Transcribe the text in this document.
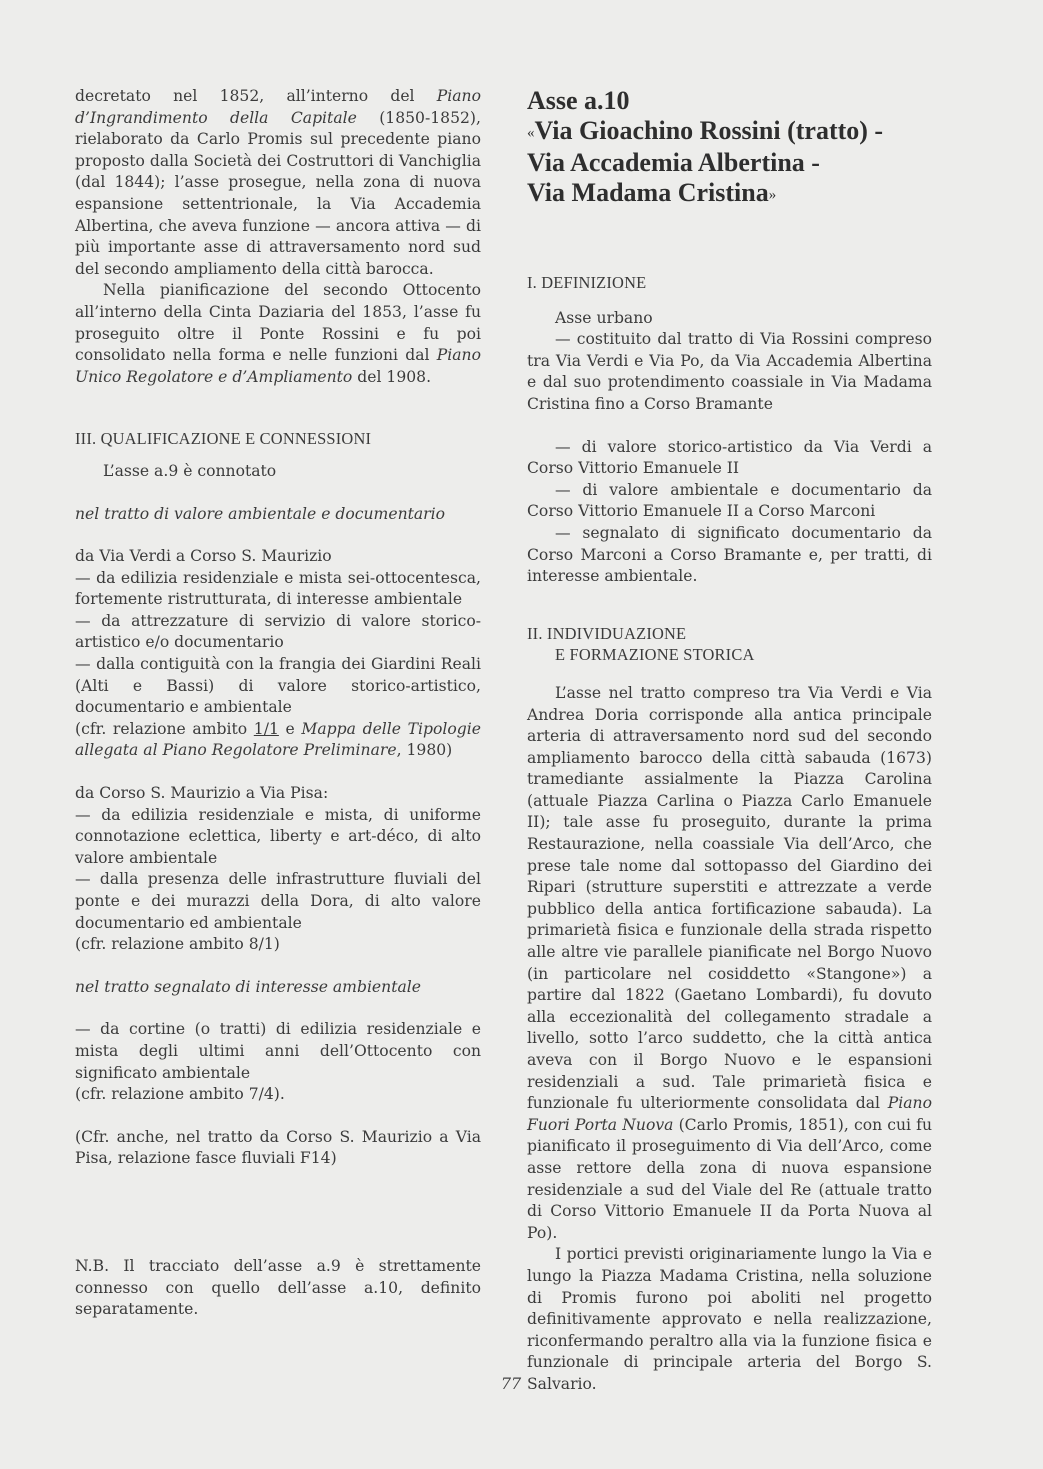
decretato nel 1852, all’interno del Piano d’Ingrandimento della Capitale (1850-1852), rielaborato da Carlo Promis sul precedente piano proposto dalla Società dei Costruttori di Vanchiglia (dal 1844); l’asse prosegue, nella zona di nuova espansione settentrionale, la Via Accademia Albertina, che aveva funzione — ancora attiva — di più importante asse di attraversamento nord sud del secondo ampliamento della città barocca.

Nella pianificazione del secondo Ottocento all’interno della Cinta Daziaria del 1853, l’asse fu proseguito oltre il Ponte Rossini e fu poi consolidato nella forma e nelle funzioni dal Piano Unico Regolatore e d’Ampliamento del 1908.

III. QUALIFICAZIONE E CONNESSIONI

L’asse a.9 è connotato

nel tratto di valore ambientale e documentario

da Via Verdi a Corso S. Maurizio

— da edilizia residenziale e mista sei-ottocentesca, fortemente ristrutturata, di interesse ambientale

— da attrezzature di servizio di valore storico-artistico e/o documentario

— dalla contiguità con la frangia dei Giardini Reali (Alti e Bassi) di valore storico-artistico, documentario e ambientale

(cfr. relazione ambito 1/1 e Mappa delle Tipologie allegata al Piano Regolatore Preliminare, 1980)

da Corso S. Maurizio a Via Pisa:

— da edilizia residenziale e mista, di uniforme connotazione eclettica, liberty e art-déco, di alto valore ambientale

— dalla presenza delle infrastrutture fluviali del ponte e dei murazzi della Dora, di alto valore documentario ed ambientale

(cfr. relazione ambito 8/1)

nel tratto segnalato di interesse ambientale

— da cortine (o tratti) di edilizia residenziale e mista degli ultimi anni dell’Ottocento con significato ambientale

(cfr. relazione ambito 7/4).

(Cfr. anche, nel tratto da Corso S. Maurizio a Via Pisa, relazione fasce fluviali F14)

N.B. Il tracciato dell’asse a.9 è strettamente connesso con quello dell’asse a.10, definito separatamente.

Asse a.10
«Via Gioachino Rossini (tratto) -
Via Accademia Albertina -
Via Madama Cristina»

I. DEFINIZIONE

Asse urbano

— costituito dal tratto di Via Rossini compreso tra Via Verdi e Via Po, da Via Accademia Albertina e dal suo protendimento coassiale in Via Madama Cristina fino a Corso Bramante

— di valore storico-artistico da Via Verdi a Corso Vittorio Emanuele II

— di valore ambientale e documentario da Corso Vittorio Emanuele II a Corso Marconi

— segnalato di significato documentario da Corso Marconi a Corso Bramante e, per tratti, di interesse ambientale.

II. INDIVIDUAZIONE

E FORMAZIONE STORICA

L’asse nel tratto compreso tra Via Verdi e Via Andrea Doria corrisponde alla antica principale arteria di attraversamento nord sud del secondo ampliamento barocco della città sabauda (1673) tramediante assialmente la Piazza Carolina (attuale Piazza Carlina o Piazza Carlo Emanuele II); tale asse fu proseguito, durante la prima Restaurazione, nella coassiale Via dell’Arco, che prese tale nome dal sottopasso del Giardino dei Ripari (strutture superstiti e attrezzate a verde pubblico della antica fortificazione sabauda). La primarietà fisica e funzionale della strada rispetto alle altre vie parallele pianificate nel Borgo Nuovo (in particolare nel cosiddetto «Stangone») a partire dal 1822 (Gaetano Lombardi), fu dovuto alla eccezionalità del collegamento stradale a livello, sotto l’arco suddetto, che la città antica aveva con il Borgo Nuovo e le espansioni residenziali a sud. Tale primarietà fisica e funzionale fu ulteriormente consolidata dal Piano Fuori Porta Nuova (Carlo Promis, 1851), con cui fu pianificato il proseguimento di Via dell’Arco, come asse rettore della zona di nuova espansione residenziale a sud del Viale del Re (attuale tratto di Corso Vittorio Emanuele II da Porta Nuova al Po).

I portici previsti originariamente lungo la Via e lungo la Piazza Madama Cristina, nella soluzione di Promis furono poi aboliti nel progetto definitivamente approvato e nella realizzazione, riconfermando peraltro alla via la funzione fisica e funzionale di principale arteria del Borgo S. Salvario.

77
